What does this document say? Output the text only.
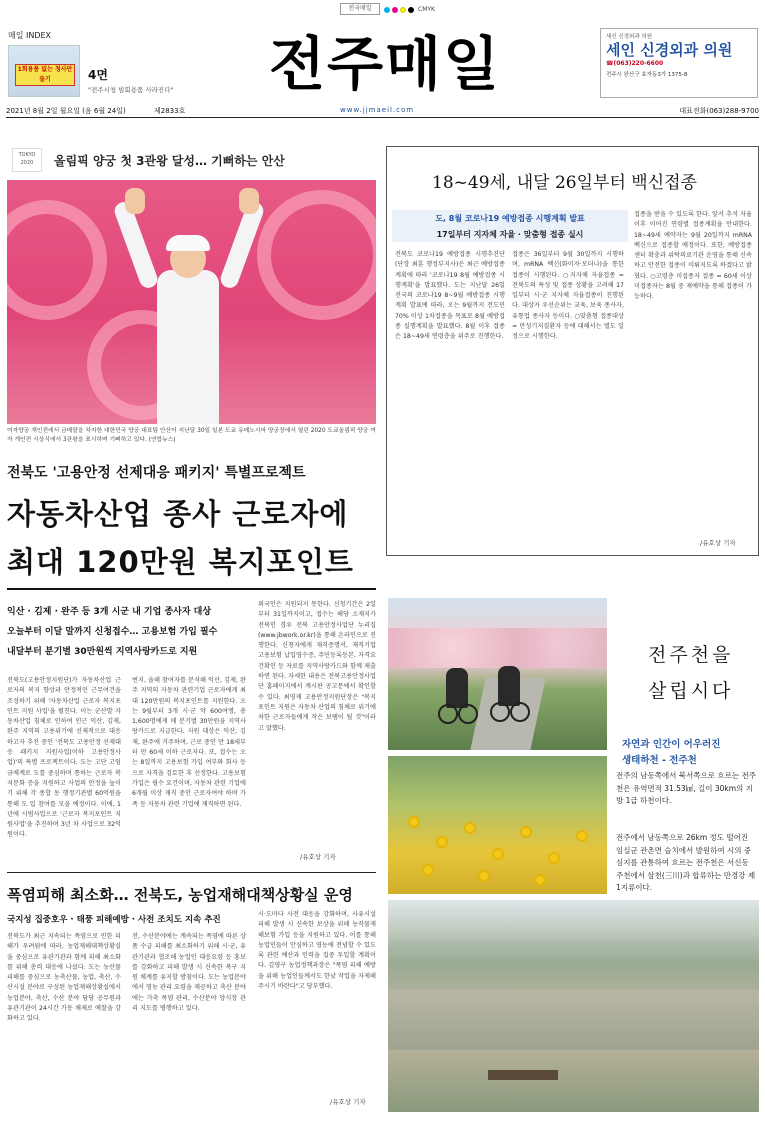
전국매일	CMYK
매일 INDEX
1회용품 없는 청사만들기	4면
"전주시청 빌회용품 사라진다"	전주매일	세신 신경외과 의원
세인 신경외과 의원
☎(063)220-6600
전주시 완산구 효자동3가 1375-8
2021년 8월 2일 월요일 (음 6월 24일)	제2833호	www.jjmaeil.com	대표전화(063)288-9700
TOKYO 2020	올림픽 양궁 첫 3관왕 달성… 기뻐하는 안산
여자양궁 개인전에서 금메달을 차지한 대한민국 양궁 대표팀 안산이 지난달 30일 일본 도쿄 유메노시마 양궁장에서 열린 2020 도쿄올림픽 양궁 여자 개인전 시상식에서 3관왕을 표시하며 기뻐하고 있다. (연합뉴스)
전북도 '고용안정 선제대응 패키지' 특별프로젝트
자동차산업 종사 근로자에
최대 120만원 복지포인트
익산 · 김제 · 완주 등 3개 시군 내 기업 종사자 대상
오늘부터 이달 말까지 신청접수… 고용보험 가입 필수
내달부터 분기별 30만원씩 지역사랑카드로 지원
전북도(고용안정지원단)가 자동차산업 근로자의 복지 향상과 안정적인 근무여건을 조성하기 위해 '자동차산업 근로자 복지포인트 지원 사업'을 펼친다. 이는 군산발 자동차산업 침체로 인하여 인근 익산, 김제, 완주 지역의 고용위기에 선제적으로 대응하고자 추진 중인 '전북도 고용안정 선제대응 패키지 지원사업(이하 고용안정사업)'의 특별 프로젝트이다. 도는 고단 고임금체계로 도를 중심하며 통하는 근로자 복지문화 증을 지원하고 사업의 안정을 높이기 위해 각 종합 동 행정기관별 60억원을 통해 도 입 참여를 모을 예정이다. 이에, 1년에 시범사업으로 '근로자 복지포인트 지원사업'을 추진하며 3년 차 사업으로 32억 원이다.
번지, 올해 참여자를 분석해 익산, 김제, 완주 지역의 자동차 관련기업 근로자에게 최대 120만원의 복지포인트를 지원한다. 오는 9월부터 3개 시·군 약 600여명, 총 1,600명에게 매 분기별 30만원을 지역사랑카드로 지급한다. 지원 대상은 익산, 김제, 완주에 거주하며, 근로 중인 만 18세부터 만 60세 이하 근로자다. 또, 접수는 오는 8일까지 고용보험 가입 여부와 회사 등으로 자격을 검토한 후 선정한다. 고용보험 가입은 필수 요건이며, 자동차 관련 기업에 6개월 이상 재직 중인 근로자여야 하며 가족 등 자동차 관련 기업에 재직하면 된다.
외국인은 지원되지 못한다. 신청기간은 2일부터 31일까지이고, 접수는 해당 소재지가 전북인 경우 전북 고용안정사업단 누리집(www.jbwork.or.kr)을 통해 온라인으로 진행한다. 신청자에게 재직증명서, 재직기업 고용보험 납입영수증, 주민등록등본, 자격요건확인 등 자료를 지역사랑카드와 함께 제출하면 된다. 자세한 내용은 전북고용안정사업단 홈페이지에서 계시판 공고문에서 확인할 수 있다. 최영재 고용안정지원단장은 "복지포인트 지원은 자동차 산업의 침체로 위기에 처한 근로자들에게 작은 보탬이 될 것"이라고 말했다.
/유호상 기자
폭염피해 최소화… 전북도, 농업재해대책상황실 운영
국지성 집중호우 · 태풍 피해예방 · 사전 조치도 지속 추진
전북도가 최근 지속되는 폭염으로 인한 피해가 우려됨에 따라, 농업재해대책상황실을 중심으로 유관기관과 함께 피해 최소화를 위해 총력 대응에 나섰다. 도는 농산물피해를 중심으로 농축산물, 농업, 축산, 수산시설 분야로 구성된 농업재해상황실에서 농업분야, 축산, 수산 분야 담당 공무원과 유관기관이 24시간 가동 체제로 예찰을 강화하고 있다.
전, 수산분야에는 계속되는 폭염에 따른 상품 수급 피해를 최소화하기 위해 시·군, 유관기관과 협조해 농업인 대응요령 등 홍보를 강화하고 피해 발생 시 신속한 복구 지원 체계를 유지할 방침이다. 도는 농업분야에서 영농 관리 요령을 제공하고 축산 분야에는 가축 폭염 관리, 수산분야 양식장 관리 지도를 병행하고 있다.
시·도마다 사전 대응을 강화하며, 사유시설 피해 발생 시 신속한 보상을 위해 농작물재해보험 가입 등을 지원하고 있다. 이를 통해 농업인들이 안심하고 영농에 전념할 수 있도록 관련 예산과 인력을 집중 투입할 계획이다. 김영구 농업정책과장은 "폭염 피해 예방을 위해 농업인들께서도 한낮 작업을 자제해 주시기 바란다"고 당부했다.
/유호상 기자
18~49세, 내달 26일부터 백신접종
도, 8월 코로나19 예방접종 시행계획 발표
17일부터 지자체 자율 · 맞춤형 접종 실시
전북도 코로나19 예방접종 시행추진단(단장 최훈 행정부지사)은 최근 예방접종 계획에 따라 '코로나19 8월 예방접종 시행계획'을 발표했다. 도는 지난달 26일 전국의 코로나19 8~9월 예방접종 시행계획 발표에 따라, 오는 9월까지 전도민 70% 이상 1차접종을 목표로 8월 예방접종 실행계획을 발표했다. 8월 이후 접종은 18~49세 연령층을 위주로 진행한다.
접종은 36일부터 9월 30일까지 시행하며, mRNA 백신(화이자·모더나)을 통한 접종이 시행된다. ○지자체 자율접종 = 전북도의 특성 및 접종 상황을 고려해 17일부터 시·군 지자체 자율접종이 진행된다. 대상자 우선순위는 교육, 보육 종사자, 유통업 종사자 등이다. ○맞춤형 접종대상 = 만성기저질환자 등에 대해서는 별도 일정으로 시행한다.
접종을 받을 수 있도록 한다. 앞서 추석 자율 이후 이어진 연령별 접종계획을 안내한다. 18~49세 예약자는 9월 20일까지 mRNA 백신으로 접종할 예정이다. 또한, 예방접종센터 확충과 위탁의료기관 운영을 통해 신속하고 안전한 접종이 이뤄지도록 하겠다고 밝혔다. ○고령층 미접종자 접종 = 60세 이상 미접종자는 8월 중 재예약을 통해 접종이 가능하다.
/유호상 기자
전주천을
살립시다
자연과 인간이 어우러진
생태하천 - 전주천
전주의 남동쪽에서 북서쪽으로 흐르는 전주천은 유역면적 31.53㎢, 길이 30km의 지방 1급 하천이다.
전주에서 남동쪽으로 26km 정도 떨어진 임실군 관촌면 슬치에서 발원하여 시의 중심지를 관통하여 흐르는 전주천은 서신동 주천에서 삼천(三川)과 합류하는 만경강 제1지류이다.
